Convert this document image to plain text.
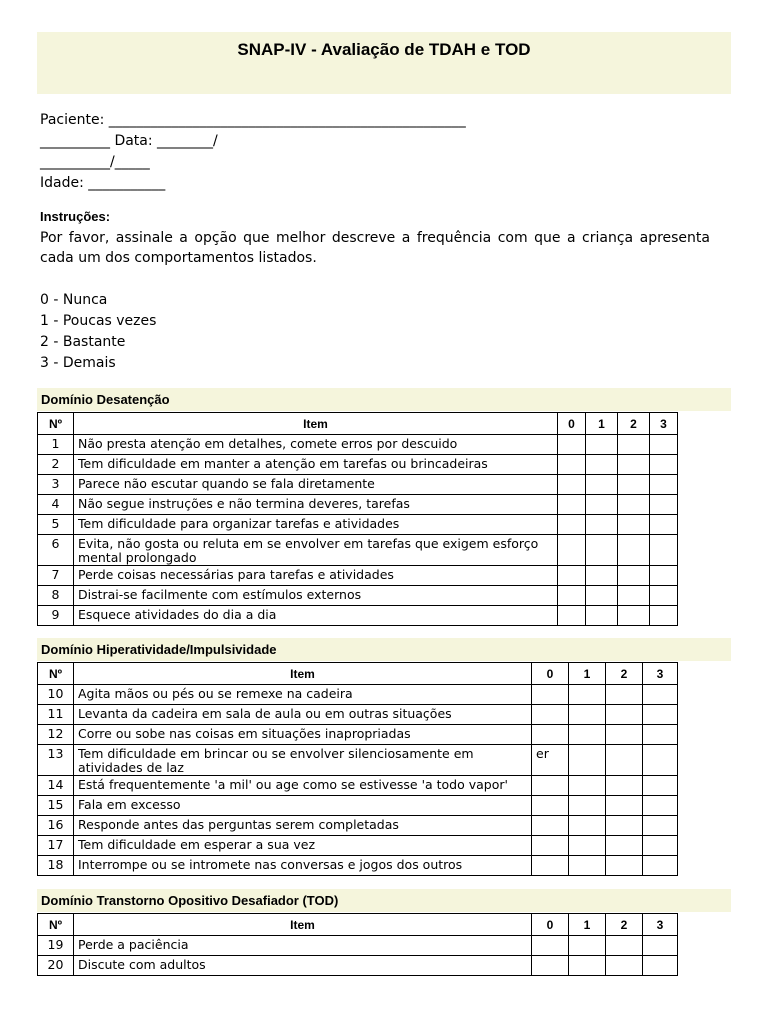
SNAP-IV - Avaliação de TDAH e TOD
Paciente: ___________________________________________________
__________ Data: ________/
__________/_____
Idade: ___________
Instruções:
Por favor, assinale a opção que melhor descreve a frequência com que a criança apresenta cada um dos comportamentos listados.
0 - Nunca
1 - Poucas vezes
2 - Bastante
3 - Demais
Domínio Desatenção
Nº	Item	0	1	2	3
1	Não presta atenção em detalhes, comete erros por descuido				
2	Tem dificuldade em manter a atenção em tarefas ou brincadeiras				
3	Parece não escutar quando se fala diretamente				
4	Não segue instruções e não termina deveres, tarefas				
5	Tem dificuldade para organizar tarefas e atividades				
6	Evita, não gosta ou reluta em se envolver em tarefas que exigem esforço mental prolongado				
7	Perde coisas necessárias para tarefas e atividades				
8	Distrai-se facilmente com estímulos externos				
9	Esquece atividades do dia a dia				
Domínio Hiperatividade/Impulsividade
Nº	Item	0	1	2	3
10	Agita mãos ou pés ou se remexe na cadeira				
11	Levanta da cadeira em sala de aula ou em outras situações				
12	Corre ou sobe nas coisas em situações inapropriadas				
13	Tem dificuldade em brincar ou se envolver silenciosamente em atividades de laz	er			
14	Está frequentemente 'a mil' ou age como se estivesse 'a todo vapor'				
15	Fala em excesso				
16	Responde antes das perguntas serem completadas				
17	Tem dificuldade em esperar a sua vez				
18	Interrompe ou se intromete nas conversas e jogos dos outros				
Domínio Transtorno Opositivo Desafiador (TOD)
Nº	Item	0	1	2	3
19	Perde a paciência				
20	Discute com adultos				
